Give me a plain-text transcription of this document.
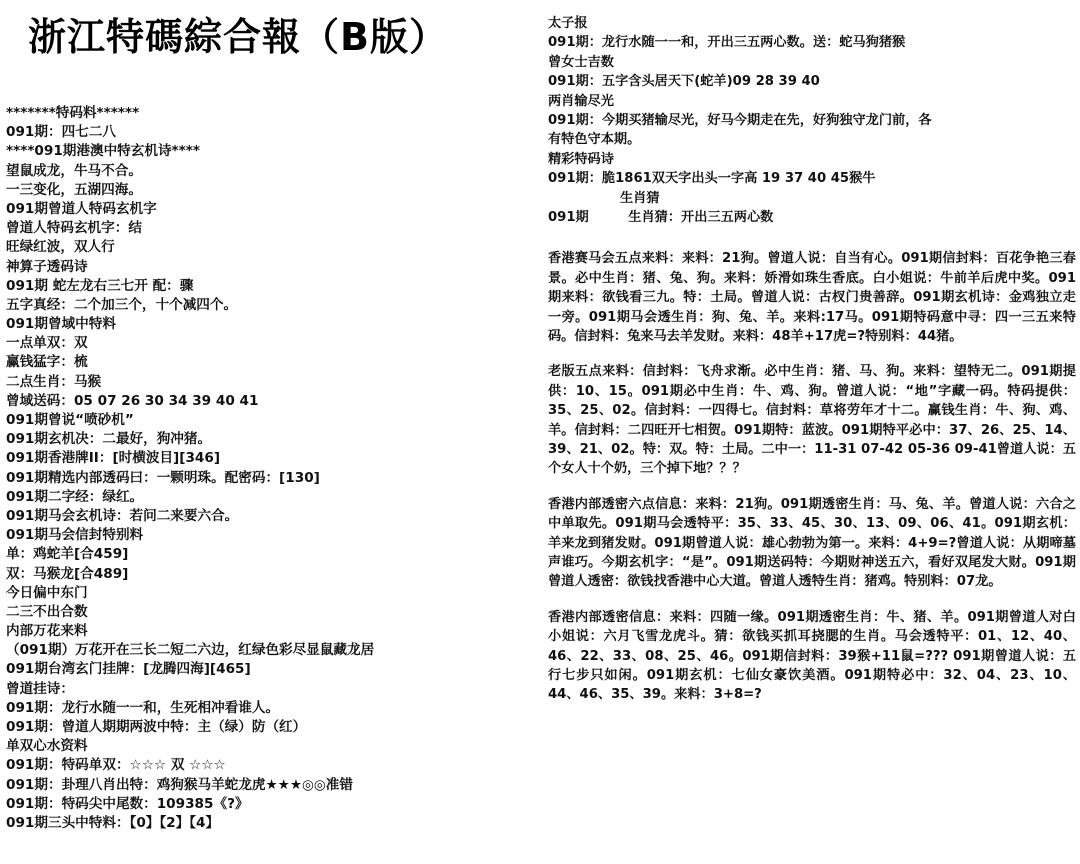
浙江特碼綜合報（B版）
*******特码料******
091期：四七二八
****091期港澳中特玄机诗****
望鼠成龙，牛马不合。
一三变化，五湖四海。
091期曾道人特码玄机字
曾道人特码玄机字：结
旺绿红波，双人行
神算子透码诗
091期 蛇左龙右三七开 配：骤
五字真经：二个加三个，十个减四个。
091期曾域中特料
一点单双：双
赢钱猛字：梳
二点生肖：马猴
曾域送码：05 07 26 30 34 39 40 41
091期曾说“喷砂机”
091期玄机决：二最好，狗冲猪。
091期香港牌II：[时横波目][346]
091期精选内部透码曰：一颗明珠。配密码：[130]
091期二字经：绿红。
091期马会玄机诗：若问二来要六合。
091期马会信封特别料
单：鸡蛇羊[合459]
双：马猴龙[合489]
今日偏中东门
二三不出合数
内部万花来料
（091期）万花开在三长二短二六边，红绿色彩尽显鼠藏龙居
091期台湾玄门挂牌：[龙腾四海][465]
曾道挂诗：
091期：龙行水随一一和，生死相冲看谁人。
091期：曾道人期期两波中特：主（绿）防（红）
单双心水资料
091期：特码单双：☆☆☆ 双 ☆☆☆
091期：卦理八肖出特：鸡狗猴马羊蛇龙虎★★★◎◎准错
091期：特码尖中尾数：109385《?》
091期三头中特料：【0】【2】【4】
太子报
091期：龙行水随一一和，开出三五两心数。送：蛇马狗猪猴
曾女士吉数
091期：五字含头居天下(蛇羊)09 28 39 40
两肖输尽光
091期：今期买猪输尽光，好马今期走在先，好狗独守龙门前，各
有特色守本期。
精彩特码诗
091期：脆1861双天字出头一字高 19 37 40 45猴牛
生肖猜
091期　　　生肖猜：开出三五两心数
香港赛马会五点来料：来料：21狗。曾道人说：自当有心。091期信封料：百花争艳三春景。必中生肖：猪、兔、狗。来料：娇滑如珠生香底。白小姐说：牛前羊后虎中奖。091期来料：欲钱看三九。特：土局。曾道人说：古杈门贵善辞。091期玄机诗：金鸡独立走一旁。091期马会透生肖：狗、兔、羊。来料:17马。091期特码意中寻：四一三五来特码。信封料：兔来马去羊发财。来料：48羊+17虎=?特别料：44猪。
老版五点来料：信封料：飞舟求渐。必中生肖：猪、马、狗。来料：望特无二。091期提供：10、15。091期必中生肖：牛、鸡、狗。曾道人说：“地”字藏一码。特码提供：35、25、02。信封料：一四得七。信封料：草将劳年才十二。赢钱生肖：牛、狗、鸡、羊。信封料：二四旺开七相贺。091期特：蓝波。091期特平必中：37、26、25、14、39、21、02。特：双。特：土局。二中一：11-31 07-42 05-36 09-41曾道人说：五个女人十个奶，三个掉下地？？？
香港内部透密六点信息：来料：21狗。091期透密生肖：马、兔、羊。曾道人说：六合之中单取先。091期马会透特平：35、33、45、30、13、09、06、41。091期玄机：羊来龙到猪发财。091期曾道人说：雄心勃勃为第一。来料：4+9=?曾道人说：从期啼墓声谁巧。今期玄机字：“是”。091期送码特：今期财神送五六，看好双尾发大财。091期曾道人透密：欲钱找香港中心大道。曾道人透特生肖：猪鸡。特别料：07龙。
香港内部透密信息：来料：四随一缘。091期透密生肖：牛、猪、羊。091期曾道人对白小姐说：六月飞雪龙虎斗。猜：欲钱买抓耳挠腮的生肖。马会透特平：01、12、40、46、22、33、08、25、46。091期信封料：39猴+11鼠=??? 091期曾道人说：五行七步只如闲。091期玄机：七仙女豪饮美酒。091期特必中：32、04、23、10、44、46、35、39。来料：3+8=?
